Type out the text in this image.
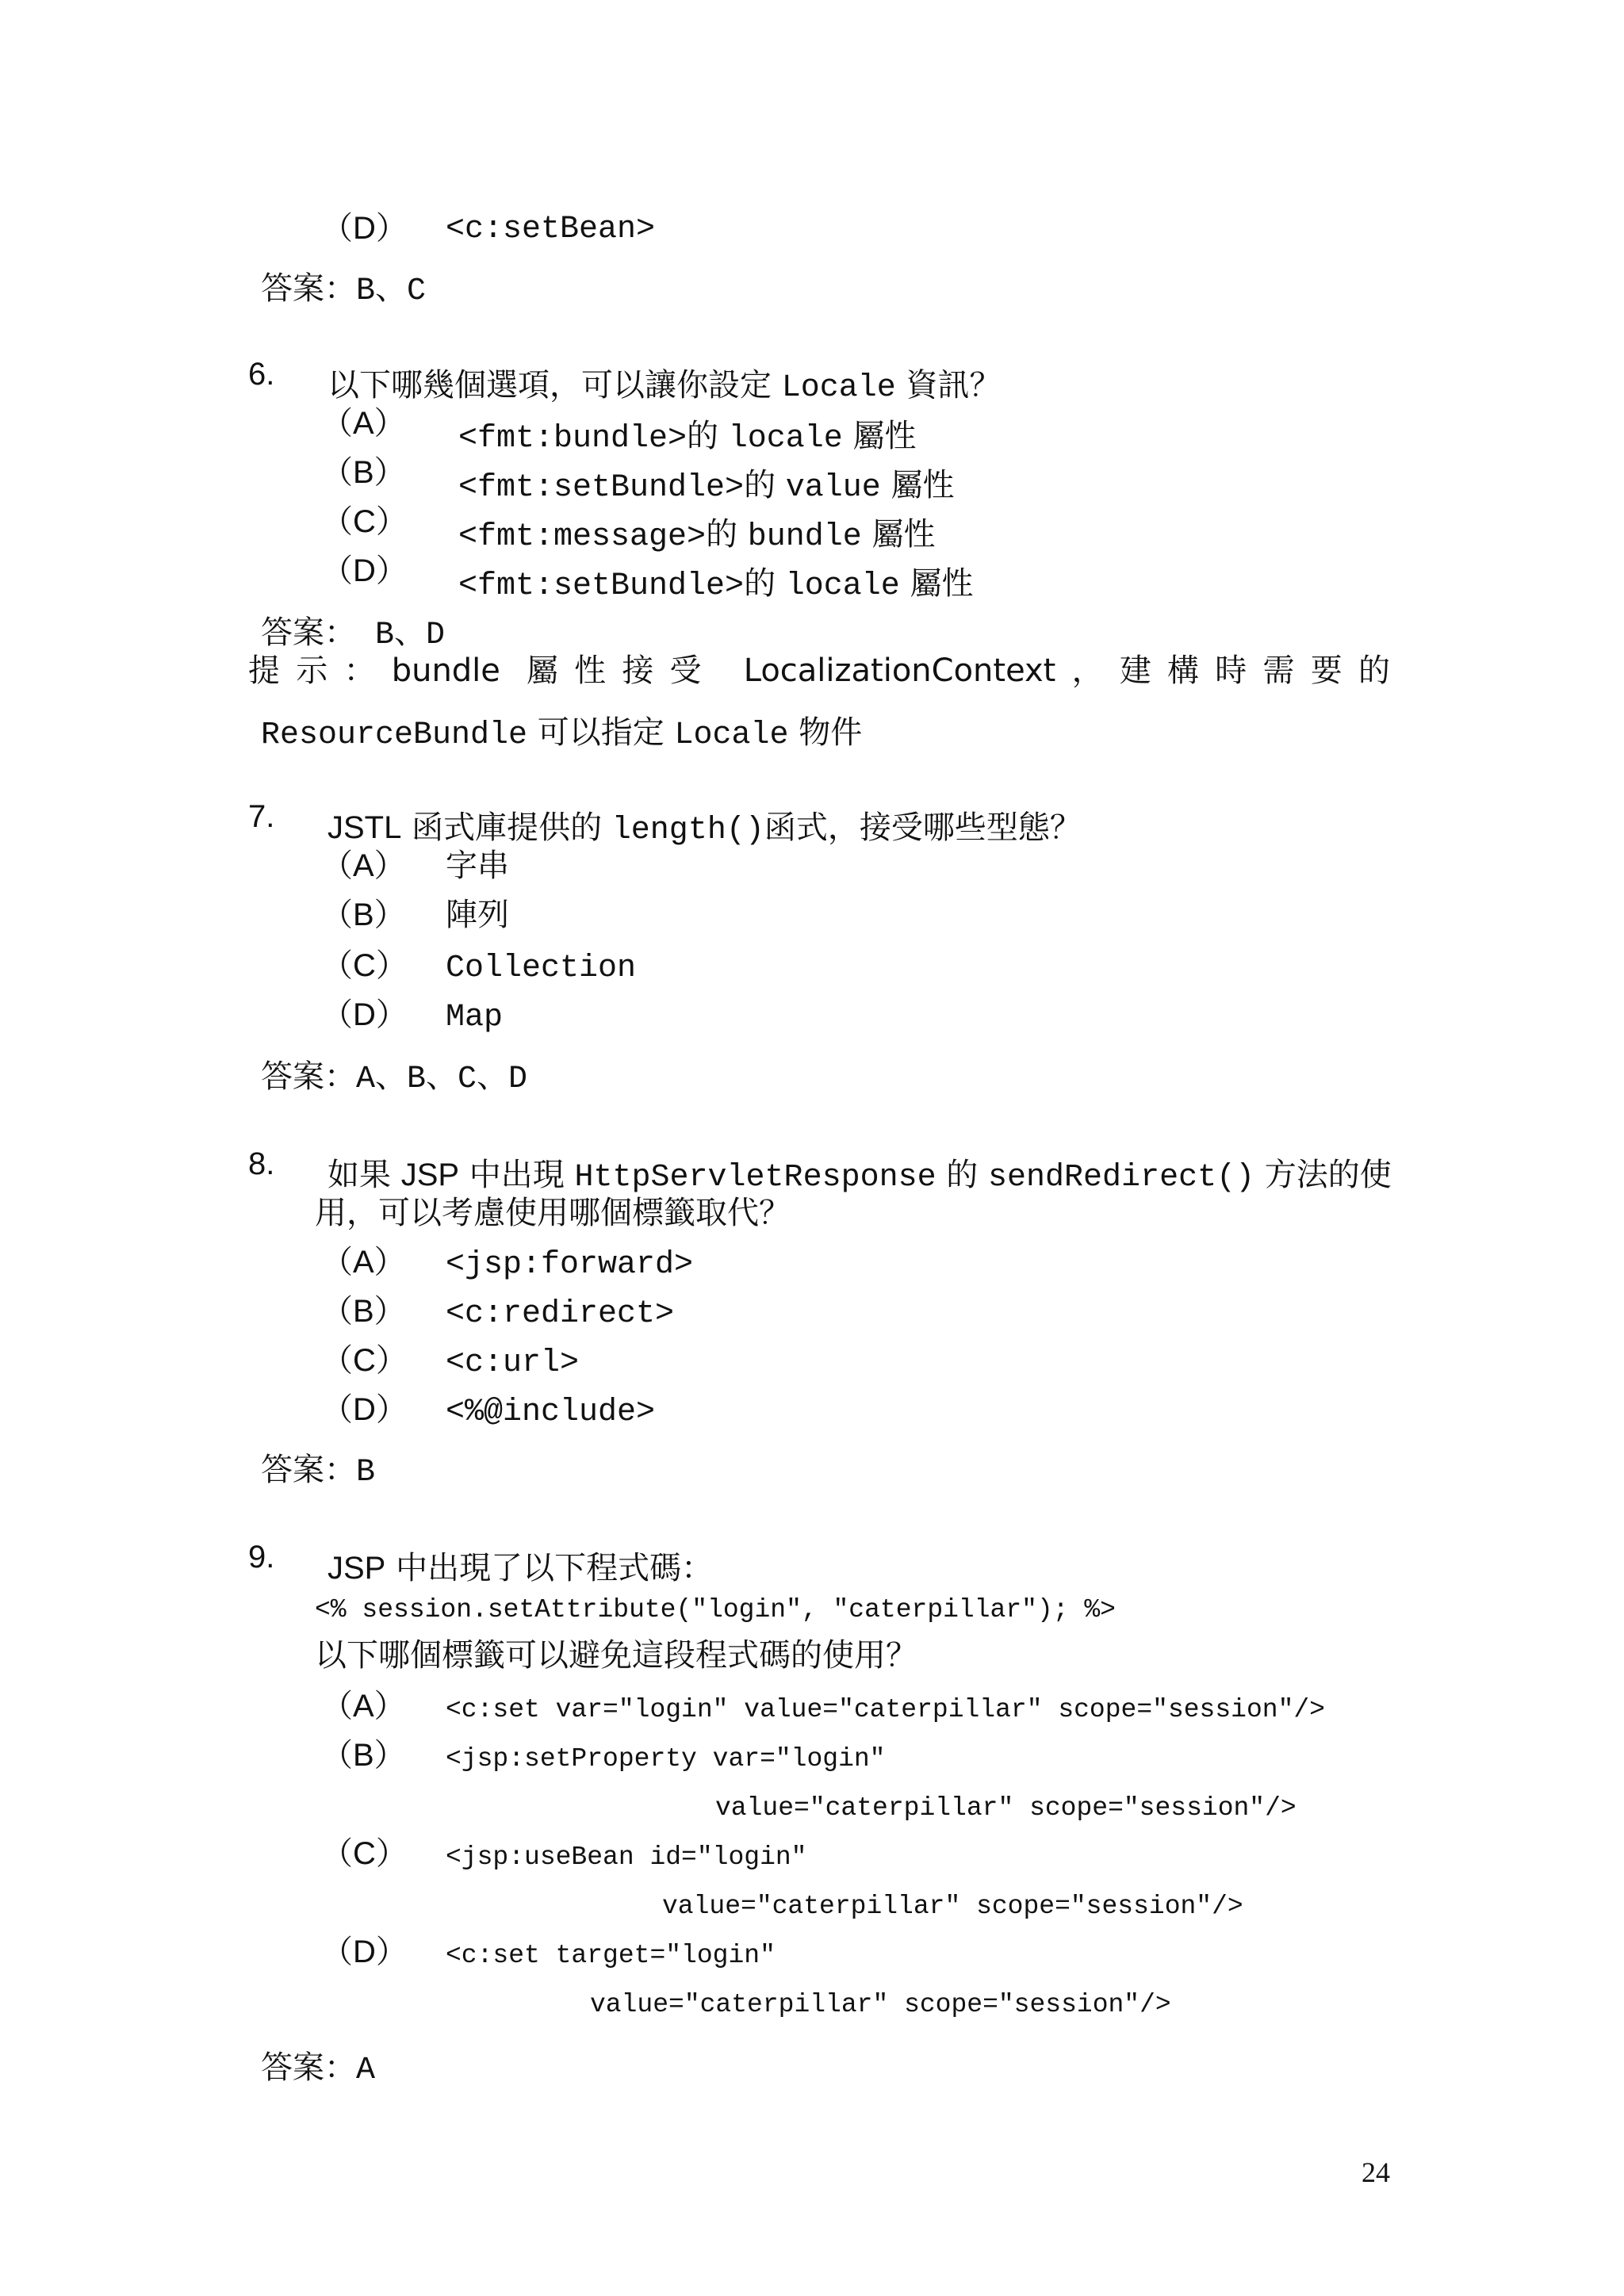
（D） <c:setBean>

答案：B、C

6.	以下哪幾個選項，可以讓你設定 Locale 資訊？

（A）	<fmt:bundle>的 locale 屬性

（B）	<fmt:setBundle>的 value 屬性

（C）	<fmt:message>的 bundle 屬性

（D）	<fmt:setBundle>的 locale 屬性

答案： B、D

提示：bundle 屬性接受 LocalizationContext，建構時需要的

ResourceBundle 可以指定 Locale 物件

7.	JSTL 函式庫提供的 length()函式，接受哪些型態？

（A） 字串
（B） 陣列
（C） Collection
（D） Map

答案：A、B、C、D

8.	如果 JSP 中出現 HttpServletResponse 的 sendRedirect() 方法的使

用，可以考慮使用哪個標籤取代？
（A） <jsp:forward>
（B） <c:redirect>
（C） <c:url>
（D） <%@include>

答案：B

9.	JSP 中出現了以下程式碼：

<% session.setAttribute("login", "caterpillar"); %>
以下哪個標籤可以避免這段程式碼的使用？
（A） <c:set var="login" value="caterpillar" scope="session"/>
（B） <jsp:setProperty var="login"
value="caterpillar" scope="session"/>
（C） <jsp:useBean id="login"
value="caterpillar" scope="session"/>
（D） <c:set target="login"
value="caterpillar" scope="session"/>

答案：A

24
